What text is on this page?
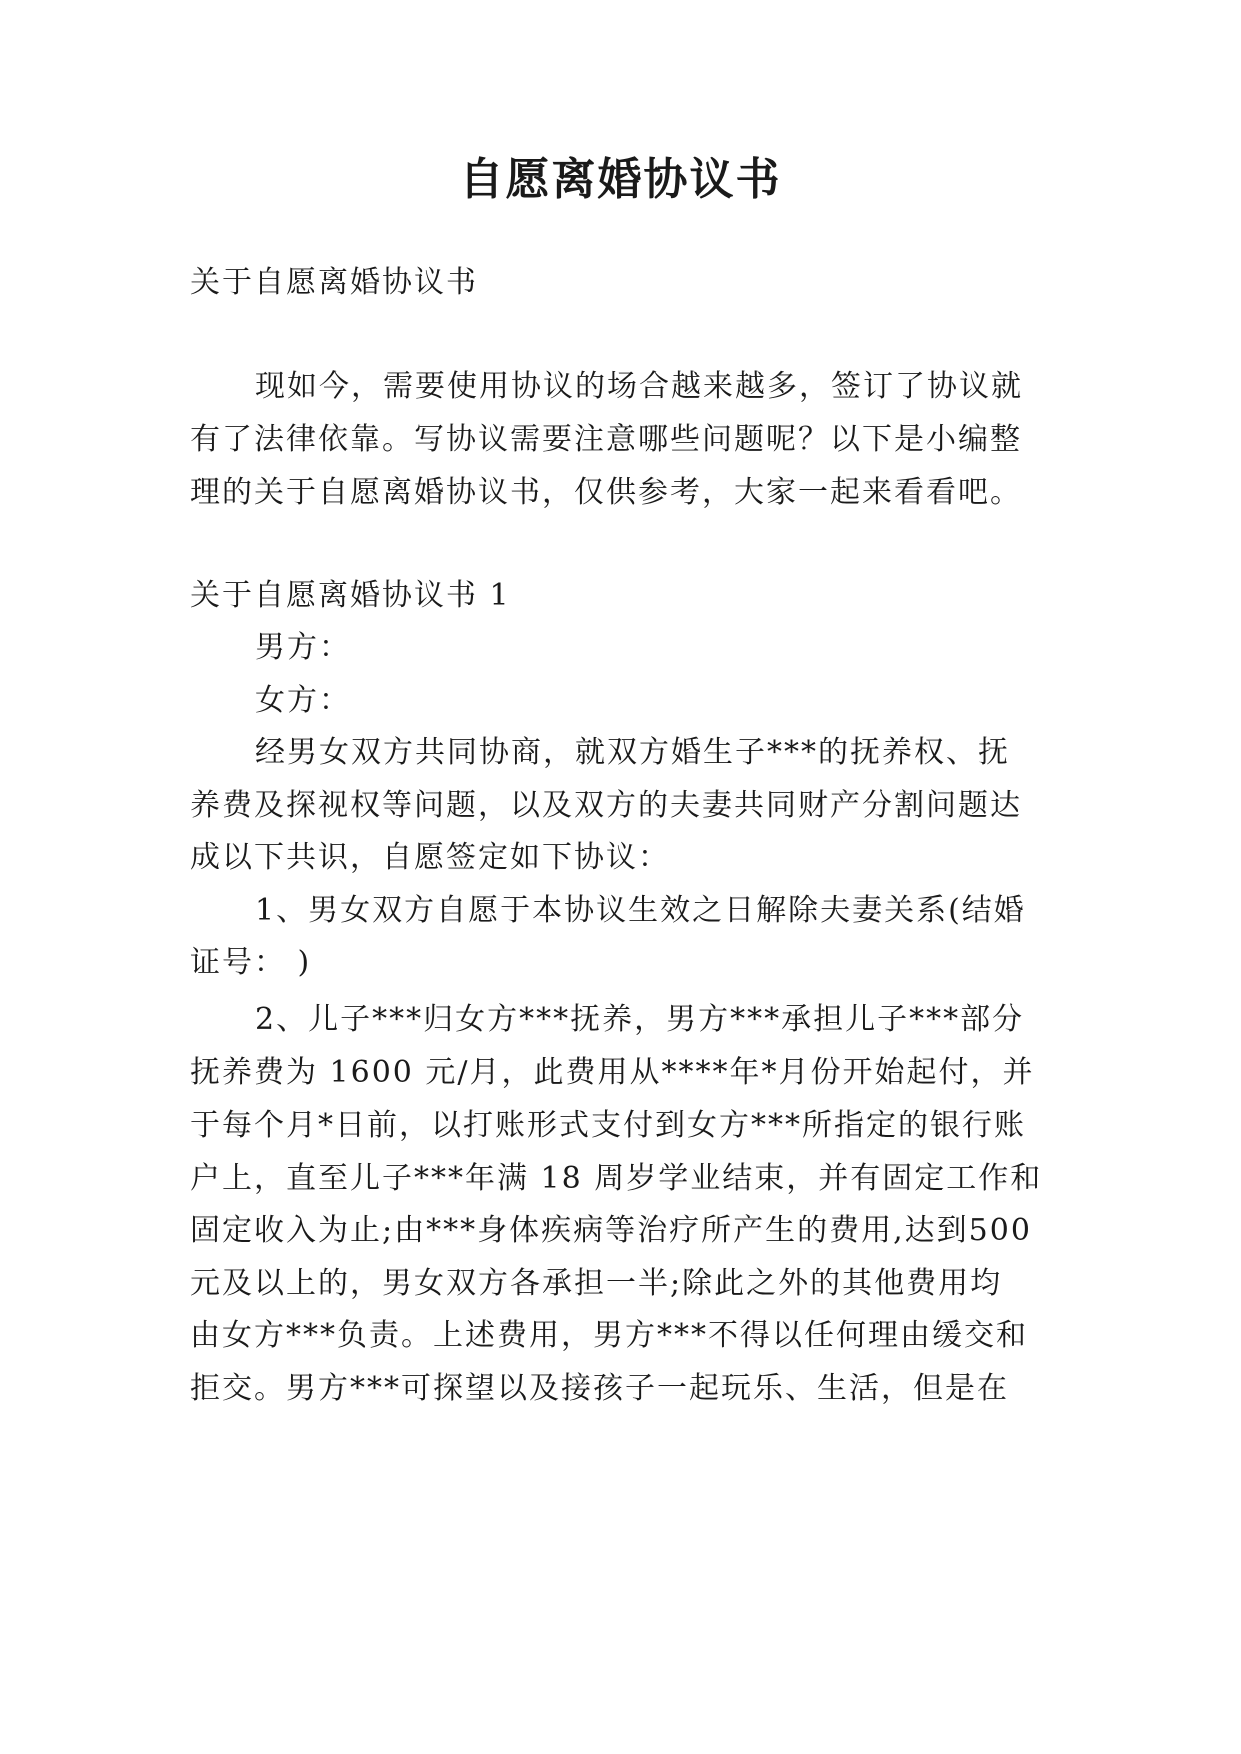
自愿离婚协议书
关于自愿离婚协议书
现如今，需要使用协议的场合越来越多，签订了协议就
有了法律依靠。写协议需要注意哪些问题呢？以下是小编整
理的关于自愿离婚协议书，仅供参考，大家一起来看看吧。
关于自愿离婚协议书 1
男方：
女方：
经男女双方共同协商，就双方婚生子***的抚养权、抚
养费及探视权等问题，以及双方的夫妻共同财产分割问题达
成以下共识，自愿签定如下协议：
1、男女双方自愿于本协议生效之日解除夫妻关系(结婚
证号： )
2、儿子***归女方***抚养，男方***承担儿子***部分
抚养费为 1600 元/月，此费用从****年*月份开始起付，并
于每个月*日前，以打账形式支付到女方***所指定的银行账
户上，直至儿子***年满 18 周岁学业结束，并有固定工作和
固定收入为止;由***身体疾病等治疗所产生的费用,达到500
元及以上的，男女双方各承担一半;除此之外的其他费用均
由女方***负责。上述费用，男方***不得以任何理由缓交和
拒交。男方***可探望以及接孩子一起玩乐、生活，但是在
